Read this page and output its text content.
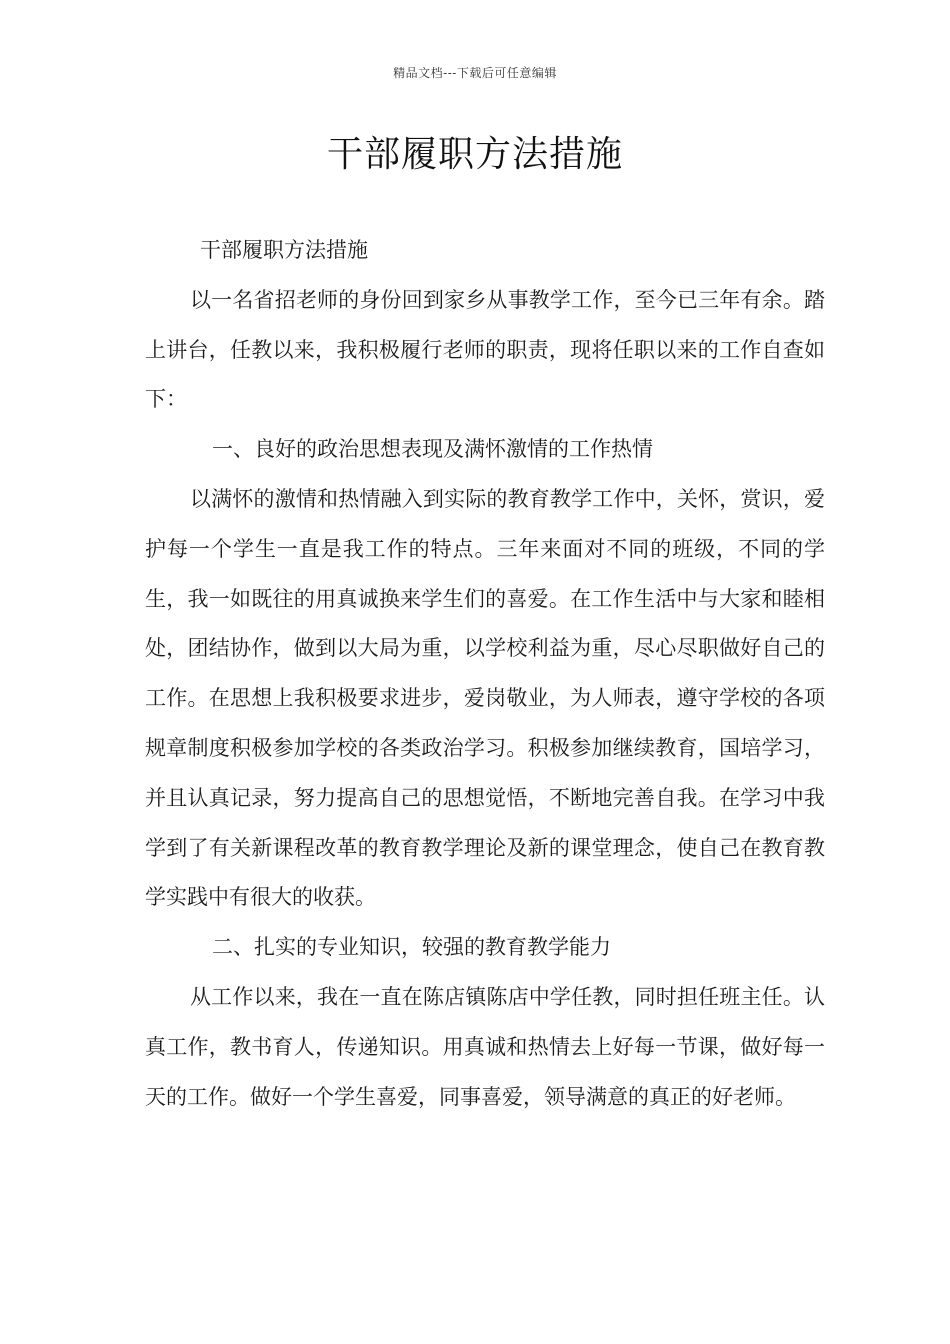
精品文档---下载后可任意编辑
干部履职方法措施

干部履职方法措施

以一名省招老师的身份回到家乡从事教学工作，至今已三年有余。踏上讲台，任教以来，我积极履行老师的职责，现将任职以来的工作自查如下：

一、良好的政治思想表现及满怀激情的工作热情

以满怀的激情和热情融入到实际的教育教学工作中，关怀，赏识，爱护每一个学生一直是我工作的特点。三年来面对不同的班级，不同的学生，我一如既往的用真诚换来学生们的喜爱。在工作生活中与大家和睦相处，团结协作，做到以大局为重，以学校利益为重，尽心尽职做好自己的工作。在思想上我积极要求进步，爱岗敬业，为人师表，遵守学校的各项规章制度积极参加学校的各类政治学习。积极参加继续教育，国培学习，并且认真记录，努力提高自己的思想觉悟，不断地完善自我。在学习中我学到了有关新课程改革的教育教学理论及新的课堂理念，使自己在教育教学实践中有很大的收获。

二、扎实的专业知识，较强的教育教学能力

从工作以来，我在一直在陈店镇陈店中学任教，同时担任班主任。认真工作，教书育人，传递知识。用真诚和热情去上好每一节课，做好每一天的工作。做好一个学生喜爱，同事喜爱，领导满意的真正的好老师。
